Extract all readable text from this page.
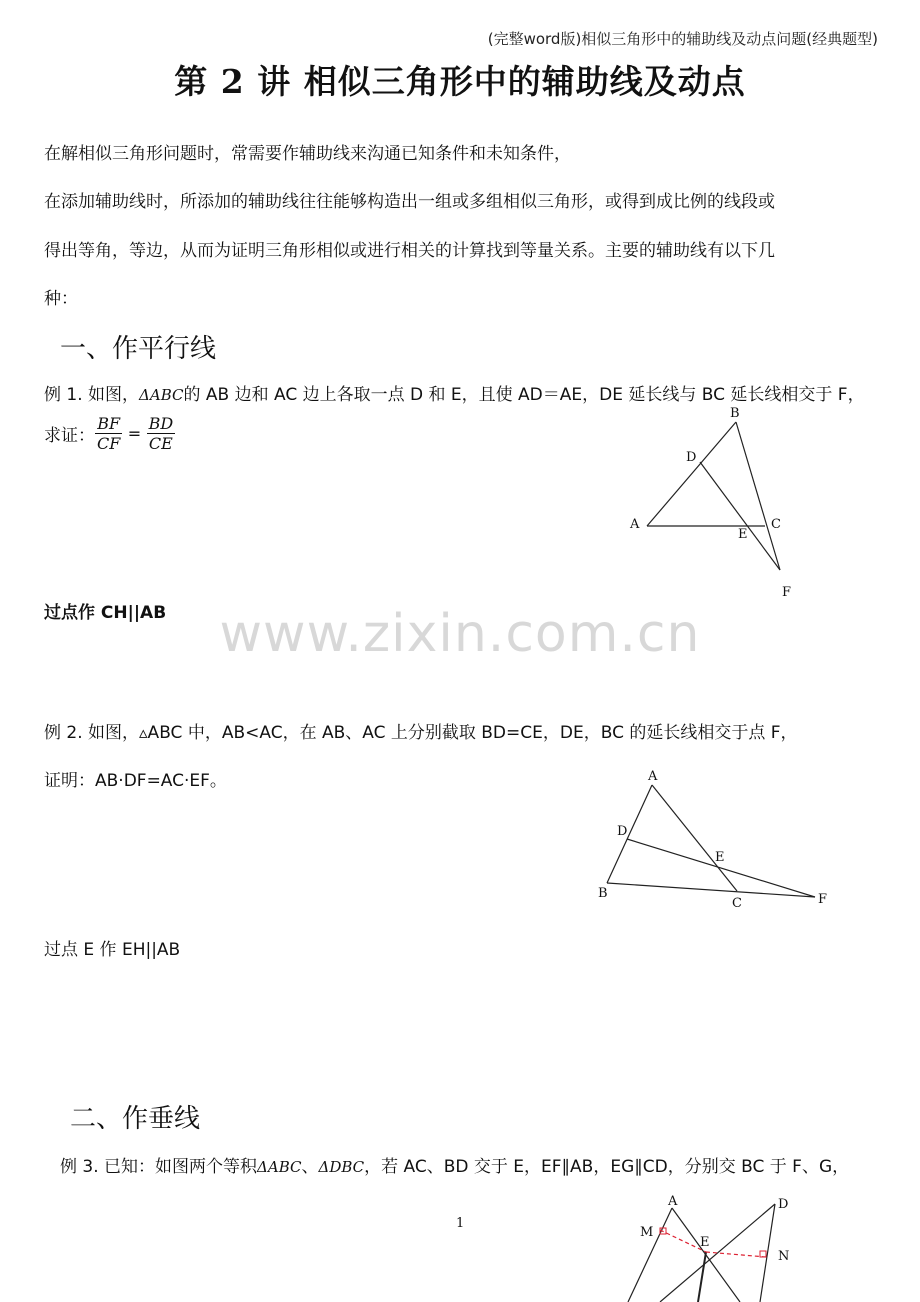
(完整word版)相似三角形中的辅助线及动点问题(经典题型)
第 2 讲 相似三角形中的辅助线及动点
在解相似三角形问题时，常需要作辅助线来沟通已知条件和未知条件，
在添加辅助线时，所添加的辅助线往往能够构造出一组或多组相似三角形，或得到成比例的线段或
得出等角，等边，从而为证明三角形相似或进行相关的计算找到等量关系。主要的辅助线有以下几
种：
一、作平行线
例 1. 如图，ΔABC的 AB 边和 AC 边上各取一点 D 和 E，且使 AD＝AE，DE 延长线与 BC 延长线相交于 F，
求证： $\frac{BF}{CF} = \frac{BD}{CE}$
B
D
A
E
C
F
过点作 CH||AB	www.zixin.com.cn
例 2. 如图，▵ABC 中，AB<AC，在 AB、AC 上分别截取 BD=CE，DE，BC 的延长线相交于点 F，
证明：AB·DF=AC·EF。	A
D
E
B
C	F
过点 E 作 EH||AB
二、作垂线
例 3. 已知：如图两个等积ΔABC、ΔDBC，若 AC、BD 交于 E，EF∥AB，EG∥CD，分别交 BC 于 F、G，
1
A	D
M
E
N
